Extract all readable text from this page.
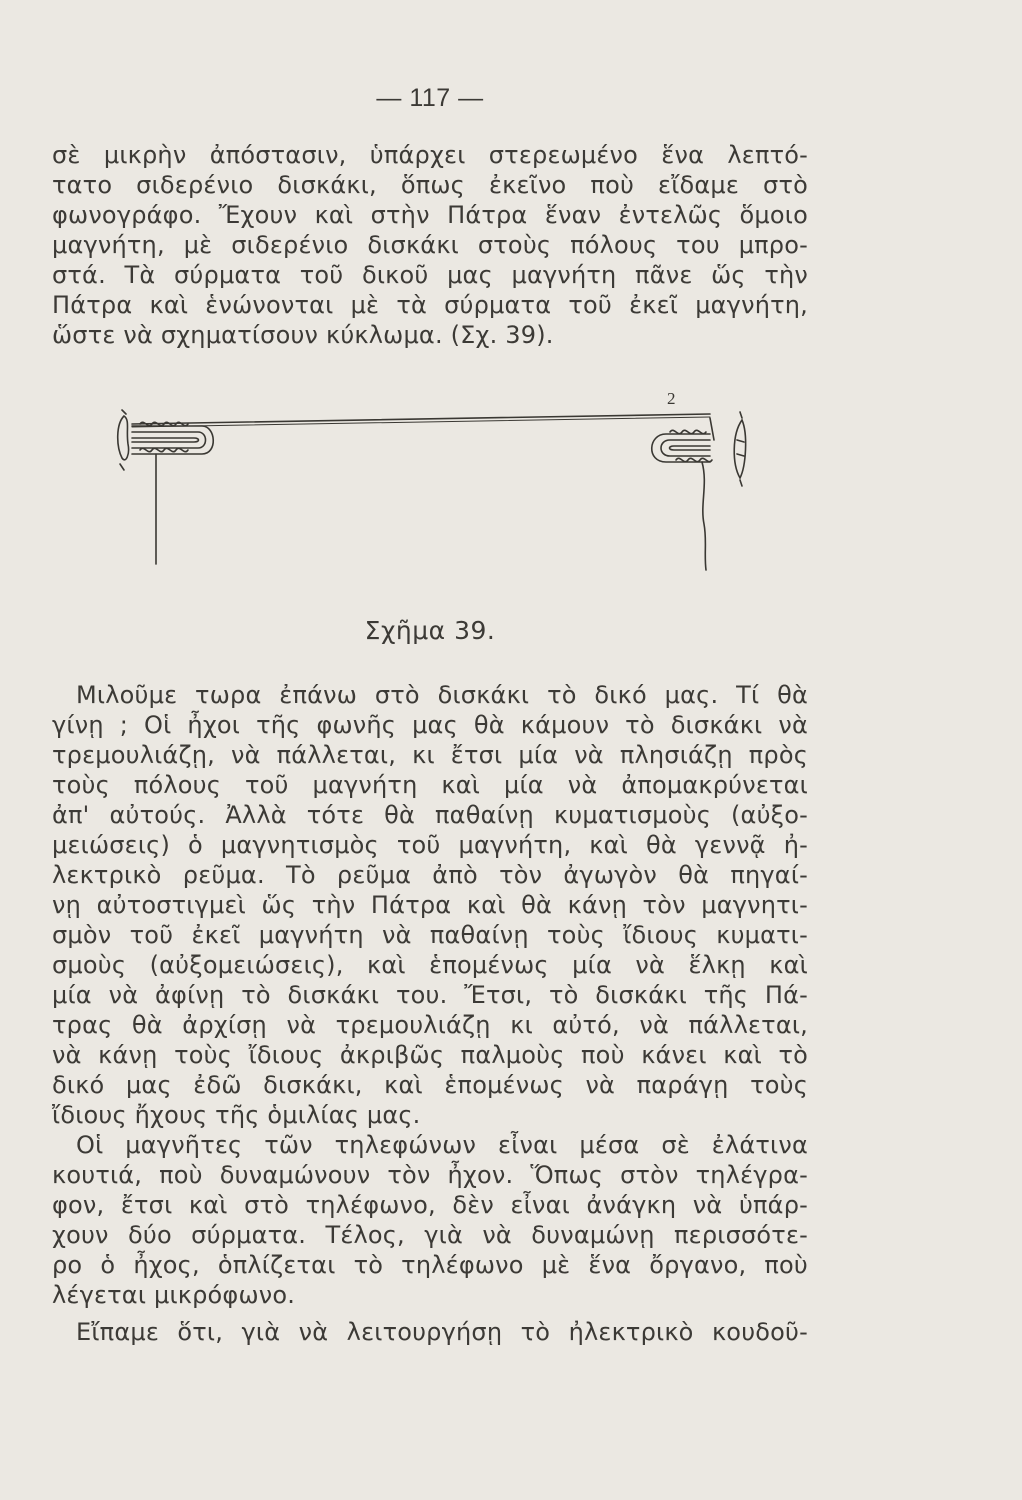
— 117 —
σὲ μικρὴν ἀπόστασιν, ὑπάρχει στερεωμένο ἕνα λεπτό-
τατο σιδερένιο δισκάκι, ὅπως ἐκεῖνο ποὺ εἴδαμε στὸ
φωνογράφο. Ἔχουν καὶ στὴν Πάτρα ἕναν ἐντελῶς ὅμοιο
μαγνήτη, μὲ σιδερένιο δισκάκι στοὺς πόλους του μπρο-
στά. Τὰ σύρματα τοῦ δικοῦ μας μαγνήτη πᾶνε ὥς τὴν
Πάτρα καὶ ἑνώνονται μὲ τὰ σύρματα τοῦ ἐκεῖ μαγνήτη,
ὥστε νὰ σχηματίσουν κύκλωμα. (Σχ. 39).
2
Σχῆμα 39.
Μιλοῦμε τωρα ἐπάνω στὸ δισκάκι τὸ δικό μας. Τί θὰ
γίνῃ ; Οἱ ἦχοι τῆς φωνῆς μας θὰ κάμουν τὸ δισκάκι νὰ
τρεμουλιάζῃ, νὰ πάλλεται, κι ἔτσι μία νὰ πλησιάζῃ πρὸς
τοὺς πόλους τοῦ μαγνήτη καὶ μία νὰ ἀπομακρύνεται
ἀπ' αὐτούς. Ἀλλὰ τότε θὰ παθαίνῃ κυματισμοὺς (αὐξο-
μειώσεις) ὁ μαγνητισμὸς τοῦ μαγνήτη, καὶ θὰ γεννᾷ ἠ-
λεκτρικὸ ρεῦμα. Τὸ ρεῦμα ἀπὸ τὸν ἀγωγὸν θὰ πηγαί-
νῃ αὐτοστιγμεὶ ὥς τὴν Πάτρα καὶ θὰ κάνῃ τὸν μαγνητι-
σμὸν τοῦ ἐκεῖ μαγνήτη νὰ παθαίνῃ τοὺς ἴδιους κυματι-
σμοὺς (αὐξομειώσεις), καὶ ἑπομένως μία νὰ ἕλκῃ καὶ
μία νὰ ἀφίνῃ τὸ δισκάκι του. Ἔτσι, τὸ δισκάκι τῆς Πά-
τρας θὰ ἀρχίσῃ νὰ τρεμουλιάζῃ κι αὐτό, νὰ πάλλεται,
νὰ κάνῃ τοὺς ἴδιους ἀκριβῶς παλμοὺς ποὺ κάνει καὶ τὸ
δικό μας ἐδῶ δισκάκι, καὶ ἑπομένως νὰ παράγῃ τοὺς
ἴδιους ἤχους τῆς ὁμιλίας μας.
Οἱ μαγνῆτες τῶν τηλεφώνων εἶναι μέσα σὲ ἐλάτινα
κουτιά, ποὺ δυναμώνουν τὸν ἦχον. Ὅπως στὸν τηλέγρα-
φον, ἔτσι καὶ στὸ τηλέφωνο, δὲν εἶναι ἀνάγκη νὰ ὑπάρ-
χουν δύο σύρματα. Τέλος, γιὰ νὰ δυναμώνῃ περισσότε-
ρο ὁ ἦχος, ὁπλίζεται τὸ τηλέφωνο μὲ ἕνα ὄργανο, ποὺ
λέγεται μικρόφωνο.
Εἴπαμε ὅτι, γιὰ νὰ λειτουργήσῃ τὸ ἠλεκτρικὸ κουδοῦ-
